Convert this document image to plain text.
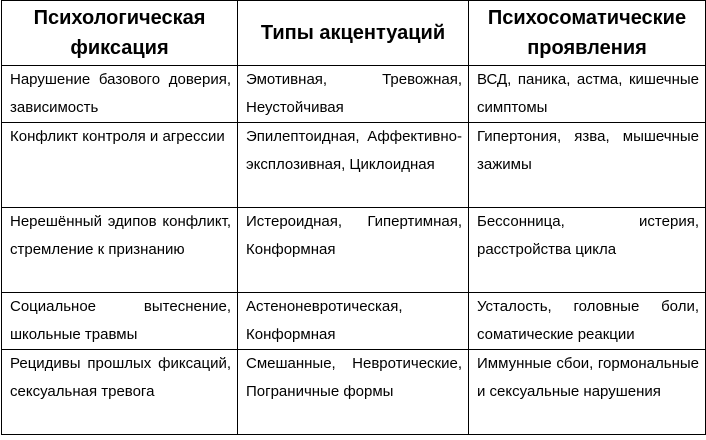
Психологическая фиксация	Типы акцентуаций	Психосоматические проявления
Нарушение базового доверия, зависимость	Эмотивная, Тревожная, Неустойчивая	ВСД, паника, астма, кишечные симптомы
Конфликт контроля и агрессии	Эпилептоидная, Аффективно-эксплозивная, Циклоидная	Гипертония, язва, мышечные зажимы
Нерешённый эдипов конфликт, стремление к признанию	Истероидная, Гипертимная, Конформная	Бессонница, истерия, расстройства цикла
Социальное вытеснение, школьные травмы	Астеноневротическая, Конформная	Усталость, головные боли, соматические реакции
Рецидивы прошлых фиксаций, сексуальная тревога	Смешанные, Невротические, Пограничные формы	Иммунные сбои, гормональные и сексуальные нарушения
